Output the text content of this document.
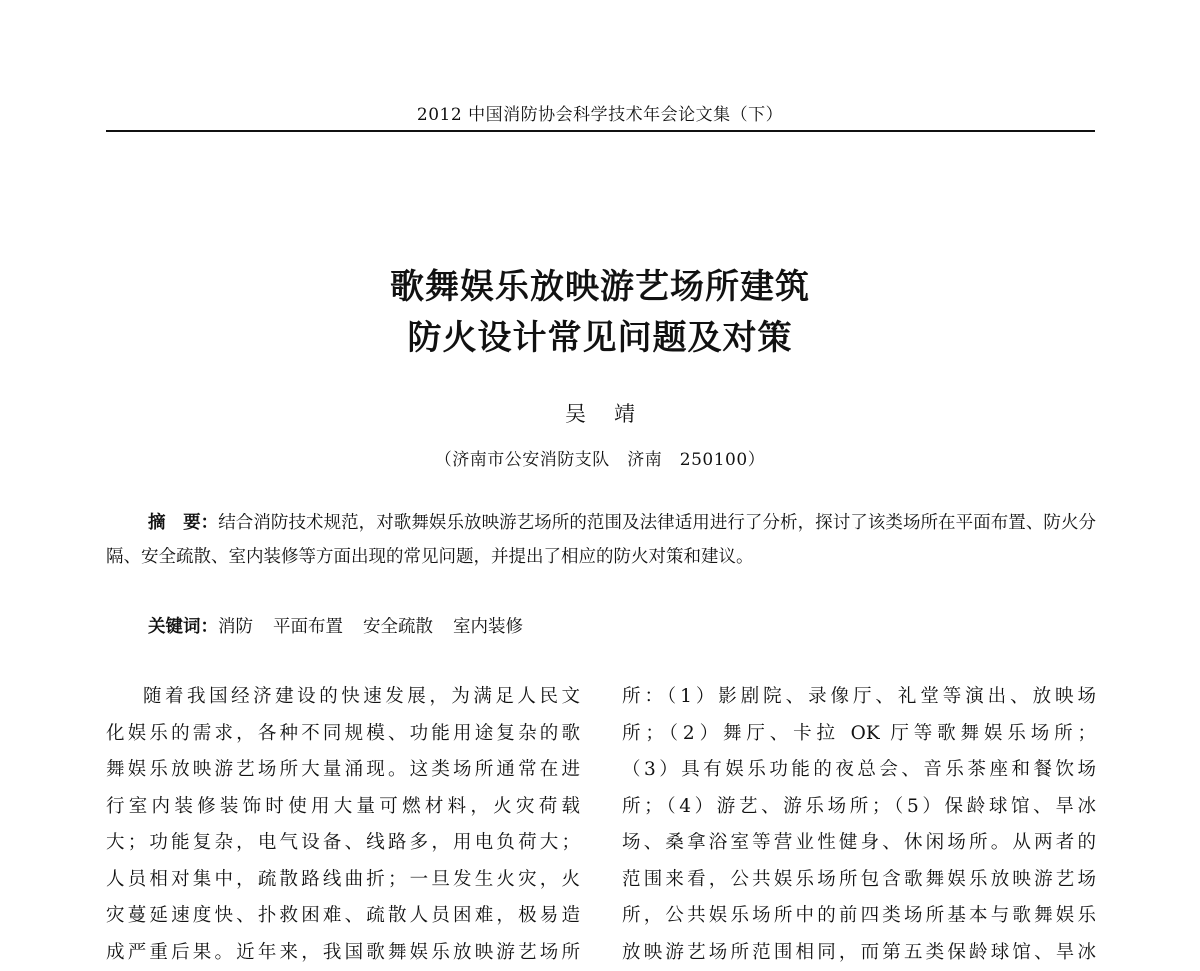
2012 中国消防协会科学技术年会论文集（下）
歌舞娱乐放映游艺场所建筑
防火设计常见问题及对策
吴靖
（济南市公安消防支队　济南　250100）
摘　要：结合消防技术规范，对歌舞娱乐放映游艺场所的范围及法律适用进行了分析，探讨了该类场所在平面布置、防火分隔、安全疏散、室内装修等方面出现的常见问题，并提出了相应的防火对策和建议。
关键词：消防 平面布置 安全疏散 室内装修
随着我国经济建设的快速发展，为满足人民文
化娱乐的需求，各种不同规模、功能用途复杂的歌
舞娱乐放映游艺场所大量涌现。这类场所通常在进
行室内装修装饰时使用大量可燃材料，火灾荷载
大；功能复杂，电气设备、线路多，用电负荷大；
人员相对集中，疏散路线曲折；一旦发生火灾，火
灾蔓延速度快、扑救困难、疏散人员困难，极易造
成严重后果。近年来，我国歌舞娱乐放映游艺场所
所：（1）影剧院、录像厅、礼堂等演出、放映场
所；（2）舞厅、卡拉 OK 厅等歌舞娱乐场所；
（3）具有娱乐功能的夜总会、音乐茶座和餐饮场
所；（4）游艺、游乐场所；（5）保龄球馆、旱冰
场、桑拿浴室等营业性健身、休闲场所。从两者的
范围来看，公共娱乐场所包含歌舞娱乐放映游艺场
所，公共娱乐场所中的前四类场所基本与歌舞娱乐
放映游艺场所范围相同，而第五类保龄球馆、旱冰
